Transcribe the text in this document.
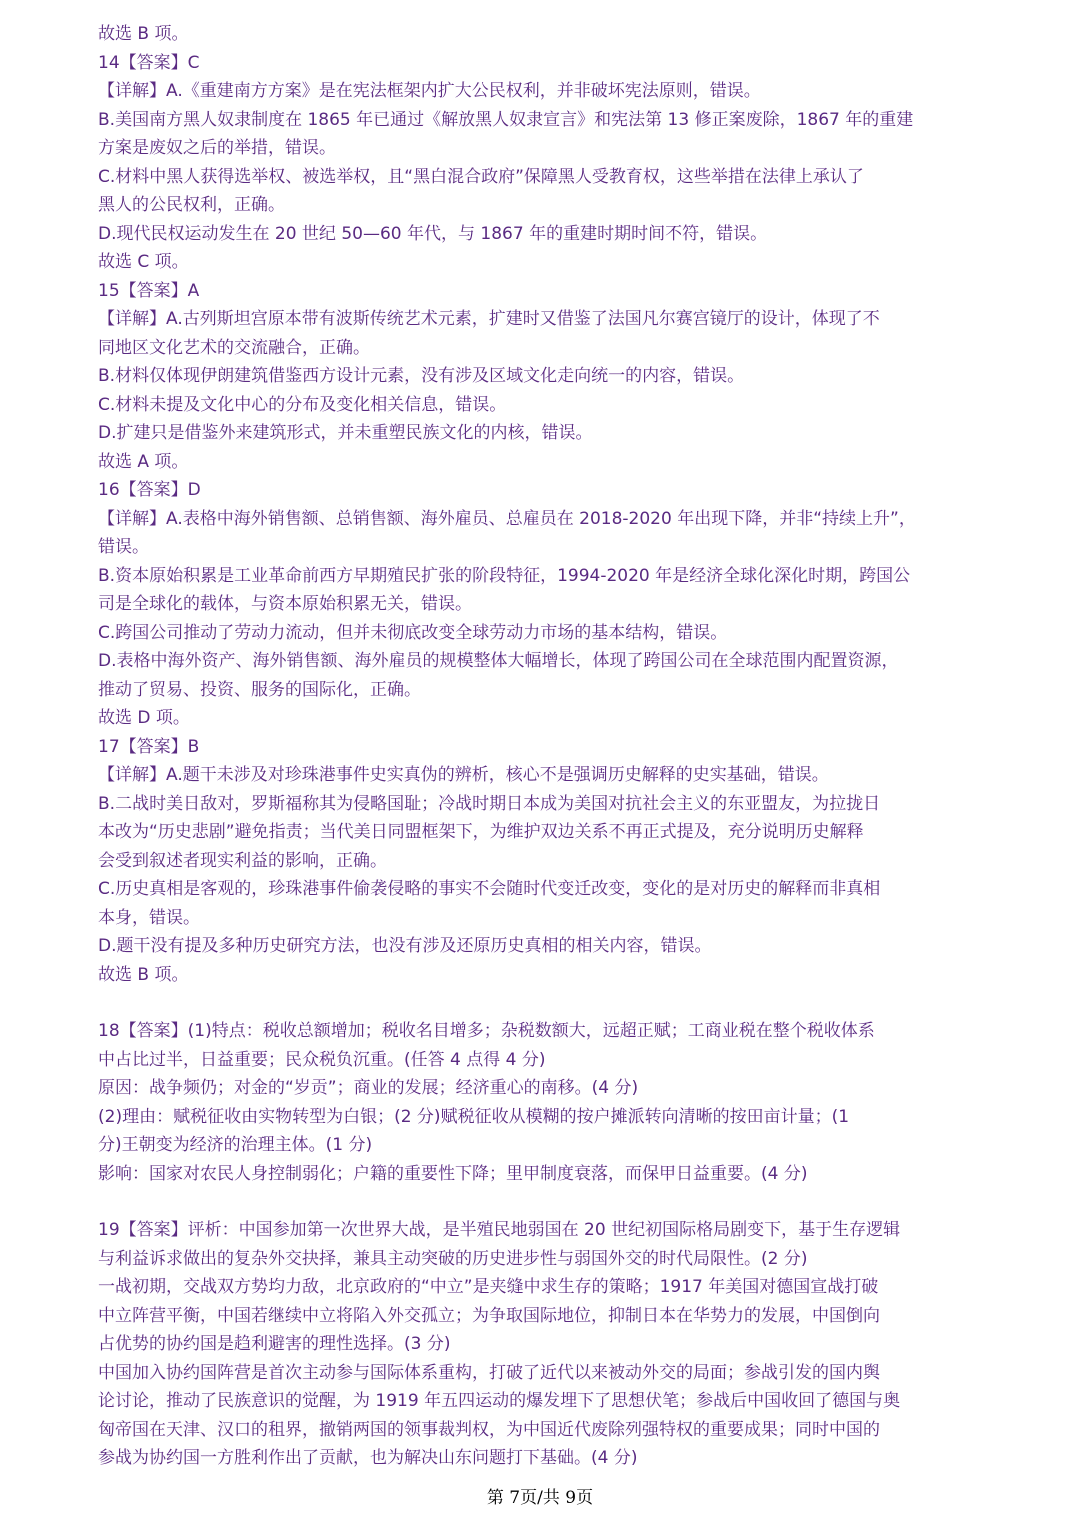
故选 B 项。
14【答案】C
【详解】A.《重建南方方案》是在宪法框架内扩大公民权利，并非破坏宪法原则，错误。
B.美国南方黑人奴隶制度在 1865 年已通过《解放黑人奴隶宣言》和宪法第 13 修正案废除，1867 年的重建
方案是废奴之后的举措，错误。
C.材料中黑人获得选举权、被选举权，且“黑白混合政府”保障黑人受教育权，这些举措在法律上承认了
黑人的公民权利，正确。
D.现代民权运动发生在 20 世纪 50—60 年代，与 1867 年的重建时期时间不符，错误。
故选 C 项。
15【答案】A
【详解】A.古列斯坦宫原本带有波斯传统艺术元素，扩建时又借鉴了法国凡尔赛宫镜厅的设计，体现了不
同地区文化艺术的交流融合，正确。
B.材料仅体现伊朗建筑借鉴西方设计元素，没有涉及区域文化走向统一的内容，错误。
C.材料未提及文化中心的分布及变化相关信息，错误。
D.扩建只是借鉴外来建筑形式，并未重塑民族文化的内核，错误。
故选 A 项。
16【答案】D
【详解】A.表格中海外销售额、总销售额、海外雇员、总雇员在 2018-2020 年出现下降，并非“持续上升”，
错误。
B.资本原始积累是工业革命前西方早期殖民扩张的阶段特征，1994-2020 年是经济全球化深化时期，跨国公
司是全球化的载体，与资本原始积累无关，错误。
C.跨国公司推动了劳动力流动，但并未彻底改变全球劳动力市场的基本结构，错误。
D.表格中海外资产、海外销售额、海外雇员的规模整体大幅增长，体现了跨国公司在全球范围内配置资源，
推动了贸易、投资、服务的国际化，正确。
故选 D 项。
17【答案】B
【详解】A.题干未涉及对珍珠港事件史实真伪的辨析，核心不是强调历史解释的史实基础，错误。
B.二战时美日敌对，罗斯福称其为侵略国耻；冷战时期日本成为美国对抗社会主义的东亚盟友，为拉拢日
本改为“历史悲剧”避免指责；当代美日同盟框架下，为维护双边关系不再正式提及，充分说明历史解释
会受到叙述者现实利益的影响，正确。
C.历史真相是客观的，珍珠港事件偷袭侵略的事实不会随时代变迁改变，变化的是对历史的解释而非真相
本身，错误。
D.题干没有提及多种历史研究方法，也没有涉及还原历史真相的相关内容，错误。
故选 B 项。
18【答案】(1)特点：税收总额增加；税收名目增多；杂税数额大，远超正赋；工商业税在整个税收体系
中占比过半，日益重要；民众税负沉重。(任答 4 点得 4 分)
原因：战争频仍；对金的“岁贡”；商业的发展；经济重心的南移。(4 分)
(2)理由：赋税征收由实物转型为白银；(2 分)赋税征收从模糊的按户摊派转向清晰的按田亩计量；(1
分)王朝变为经济的治理主体。(1 分)
影响：国家对农民人身控制弱化；户籍的重要性下降；里甲制度衰落，而保甲日益重要。(4 分)
19【答案】评析：中国参加第一次世界大战，是半殖民地弱国在 20 世纪初国际格局剧变下，基于生存逻辑
与利益诉求做出的复杂外交抉择，兼具主动突破的历史进步性与弱国外交的时代局限性。(2 分)
一战初期，交战双方势均力敌，北京政府的“中立”是夹缝中求生存的策略；1917 年美国对德国宣战打破
中立阵营平衡，中国若继续中立将陷入外交孤立；为争取国际地位，抑制日本在华势力的发展，中国倒向
占优势的协约国是趋利避害的理性选择。(3 分)
中国加入协约国阵营是首次主动参与国际体系重构，打破了近代以来被动外交的局面；参战引发的国内舆
论讨论，推动了民族意识的觉醒，为 1919 年五四运动的爆发埋下了思想伏笔；参战后中国收回了德国与奥
匈帝国在天津、汉口的租界，撤销两国的领事裁判权，为中国近代废除列强特权的重要成果；同时中国的
参战为协约国一方胜利作出了贡献，也为解决山东问题打下基础。(4 分)
第 7页/共 9页
